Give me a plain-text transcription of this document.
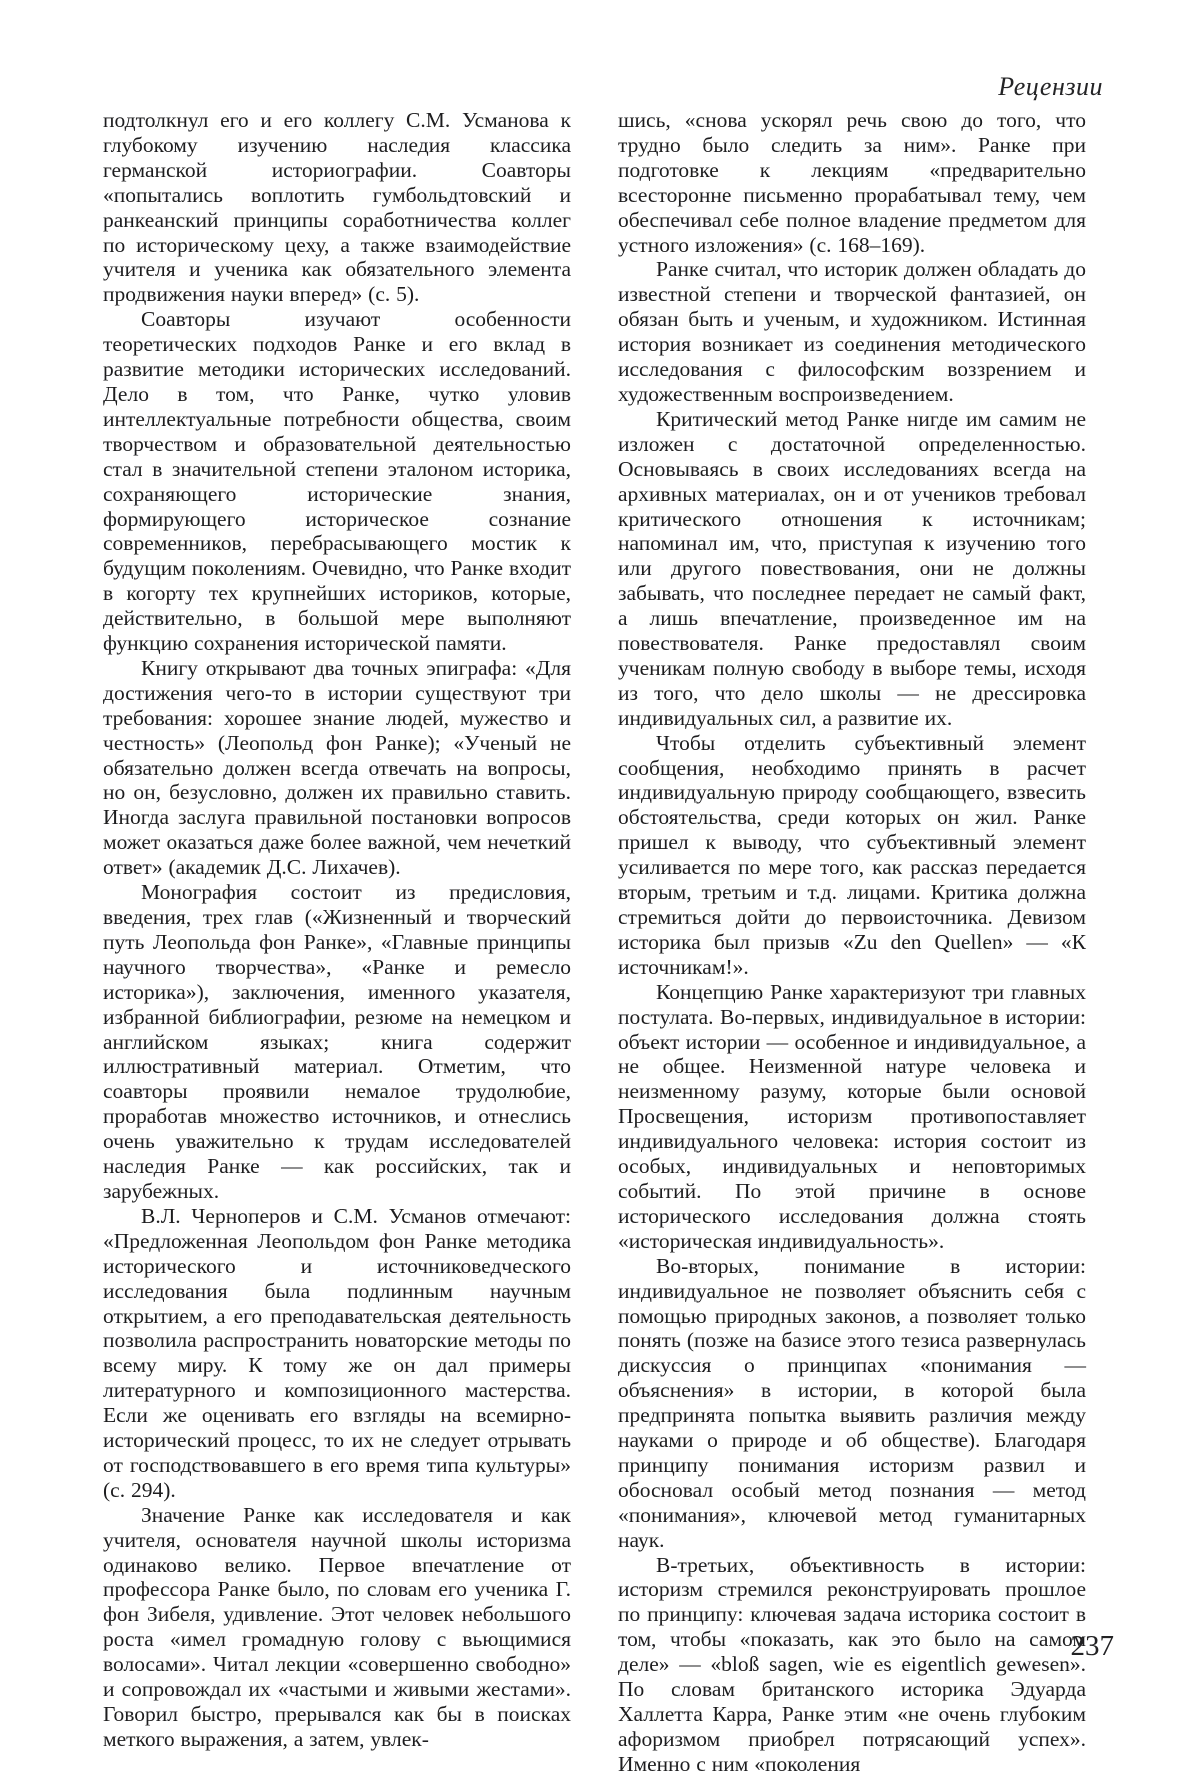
Рецензии

подтолкнул его и его коллегу С.М. Усманова к глубокому изучению наследия классика германской историографии. Соавторы «попытались воплотить гумбольдтовский и ранкеанский принципы соработничества коллег по историческому цеху, а также взаимодействие учителя и ученика как обязательного элемента продвижения науки вперед» (с. 5).

Соавторы изучают особенности теоретических подходов Ранке и его вклад в развитие методики исторических исследований. Дело в том, что Ранке, чутко уловив интеллектуальные потребности общества, своим творчеством и образовательной деятельностью стал в значительной степени эталоном историка, сохраняющего исторические знания, формирующего историческое сознание современников, перебрасывающего мостик к будущим поколениям. Очевидно, что Ранке входит в когорту тех крупнейших историков, которые, действительно, в большой мере выполняют функцию сохранения исторической памяти.

Книгу открывают два точных эпиграфа: «Для достижения чего-то в истории существуют три требования: хорошее знание людей, мужество и честность» (Леопольд фон Ранке); «Ученый не обязательно должен всегда отвечать на вопросы, но он, безусловно, должен их правильно ставить. Иногда заслуга правильной постановки вопросов может оказаться даже более важной, чем нечеткий ответ» (академик Д.С. Лихачев).

Монография состоит из предисловия, введения, трех глав («Жизненный и творческий путь Леопольда фон Ранке», «Главные принципы научного творчества», «Ранке и ремесло историка»), заключения, именного указателя, избранной библиографии, резюме на немецком и английском языках; книга содержит иллюстративный материал. Отметим, что соавторы проявили немалое трудолюбие, проработав множество источников, и отнеслись очень уважительно к трудам исследователей наследия Ранке — как российских, так и зарубежных.

В.Л. Черноперов и С.М. Усманов отмечают: «Предложенная Леопольдом фон Ранке методика исторического и источниковедческого исследования была подлинным научным открытием, а его преподавательская деятельность позволила распространить новаторские методы по всему миру. К тому же он дал примеры литературного и композиционного мастерства. Если же оценивать его взгляды на всемирно-исторический процесс, то их не следует отрывать от господствовавшего в его время типа культуры» (с. 294).

Значение Ранке как исследователя и как учителя, основателя научной школы историзма одинаково велико. Первое впечатление от профессора Ранке было, по словам его ученика Г. фон Зибеля, удивление. Этот человек небольшого роста «имел громадную голову с вьющимися волосами». Читал лекции «совершенно свободно» и сопровождал их «частыми и живыми жестами». Говорил быстро, прерывался как бы в поисках меткого выражения, а затем, увлек-

шись, «снова ускорял речь свою до того, что трудно было следить за ним». Ранке при подготовке к лекциям «предварительно всесторонне письменно прорабатывал тему, чем обеспечивал себе полное владение предметом для устного изложения» (с. 168–169).

Ранке считал, что историк должен обладать до известной степени и творческой фантазией, он обязан быть и ученым, и художником. Истинная история возникает из соединения методического исследования с философским воззрением и художественным воспроизведением.

Критический метод Ранке нигде им самим не изложен с достаточной определенностью. Основываясь в своих исследованиях всегда на архивных материалах, он и от учеников требовал критического отношения к источникам; напоминал им, что, приступая к изучению того или другого повествования, они не должны забывать, что последнее передает не самый факт, а лишь впечатление, произведенное им на повествователя. Ранке предоставлял своим ученикам полную свободу в выборе темы, исходя из того, что дело школы — не дрессировка индивидуальных сил, а развитие их.

Чтобы отделить субъективный элемент сообщения, необходимо принять в расчет индивидуальную природу сообщающего, взвесить обстоятельства, среди которых он жил. Ранке пришел к выводу, что субъективный элемент усиливается по мере того, как рассказ передается вторым, третьим и т.д. лицами. Критика должна стремиться дойти до первоисточника. Девизом историка был призыв «Zu den Quellen» — «К источникам!».

Концепцию Ранке характеризуют три главных постулата. Во-первых, индивидуальное в истории: объект истории — особенное и индивидуальное, а не общее. Неизменной натуре человека и неизменному разуму, которые были основой Просвещения, историзм противопоставляет индивидуального человека: история состоит из особых, индивидуальных и неповторимых событий. По этой причине в основе исторического исследования должна стоять «историческая индивидуальность».

Во-вторых, понимание в истории: индивидуальное не позволяет объяснить себя с помощью природных законов, а позволяет только понять (позже на базисе этого тезиса развернулась дискуссия о принципах «понимания — объяснения» в истории, в которой была предпринята попытка выявить различия между науками о природе и об обществе). Благодаря принципу понимания историзм развил и обосновал особый метод познания — метод «понимания», ключевой метод гуманитарных наук.

В-третьих, объективность в истории: историзм стремился реконструировать прошлое по принципу: ключевая задача историка состоит в том, чтобы «показать, как это было на самом деле» — «bloß sagen, wie es eigentlich gewesen». По словам британского историка Эдуарда Халлетта Карра, Ранке этим «не очень глубоким афоризмом приобрел потрясающий успех». Именно с ним «поколения

237
